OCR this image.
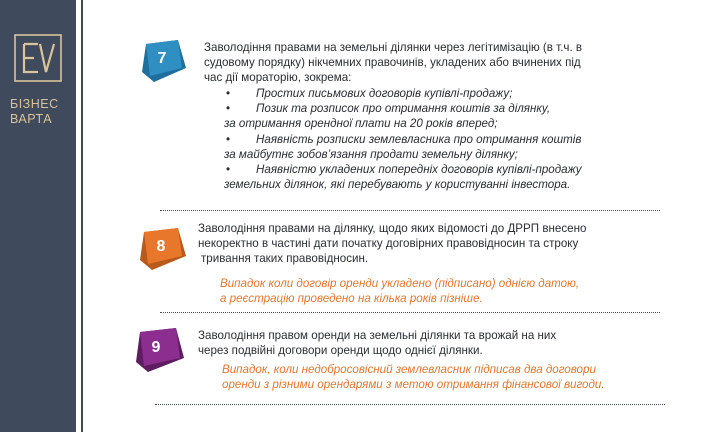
БІЗНЕС
ВАРТА
7
Заволодіння правами на земельні ділянки через легітимізацію (в т.ч. в
судовому порядку) нікчемних правочинів, укладених або вчинених під
час дії мораторію, зокрема:
• Простих письмових договорів купівлі-продажу;
• Позик та розписок про отримання коштів за ділянку,
за отримання орендної плати на 20 років вперед;
• Наявність розписки землевласника про отримання коштів
за майбутнє зобов’язання продати земельну ділянку;
• Наявністю укладених попередніх договорів купівлі-продажу
земельних ділянок, які перебувають у користуванні інвестора.
8
Заволодіння правами на ділянку, щодо яких відомості до ДРРП внесено
некоректно в частині дати початку договірних правовідносин та строку
тривання таких правовідносин.
Випадок коли договір оренди укладено (підписано) однією датою,
а реєстрацію проведено на кілька років пізніше.
9
Заволодіння правом оренди на земельні ділянки та врожай на них
через подвійні договори оренди щодо однієї ділянки.
Випадок, коли недобросовісний землевласник підписав два договори
оренди з різними орендарями з метою отримання фінансової вигоди.
